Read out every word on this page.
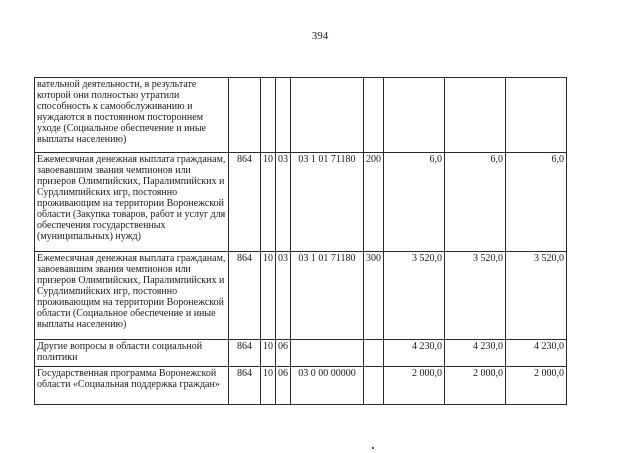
394
вательной деятельности, в результате которой они полностью утратили способность к самообслуживанию и нуждаются в постоянном постороннем уходе (Социальное обеспечение и иные выплаты населению)								
Ежемесячная денежная выплата гражданам, завоевавшим звания чемпионов или призеров Олимпийских, Паралимпийских и Сурдлимпийских игр, постоянно проживающим на территории Воронежской области (Закупка товаров, работ и услуг для обеспечения государственных (муниципальных) нужд)	864	10	03	03 1 01 71180	200	6,0	6,0	6,0
Ежемесячная денежная выплата гражданам, завоевавшим звания чемпионов или призеров Олимпийских, Паралимпийских и Сурдлимпийских игр, постоянно проживающим на территории Воронежской области (Социальное обеспечение и иные выплаты населению)	864	10	03	03 1 01 71180	300	3 520,0	3 520,0	3 520,0
Другие вопросы в области социальной политики	864	10	06			4 230,0	4 230,0	4 230,0
Государственная программа Воронежской области «Социальная поддержка граждан»	864	10	06	03 0 00 00000		2 000,0	2 000,0	2 000,0
